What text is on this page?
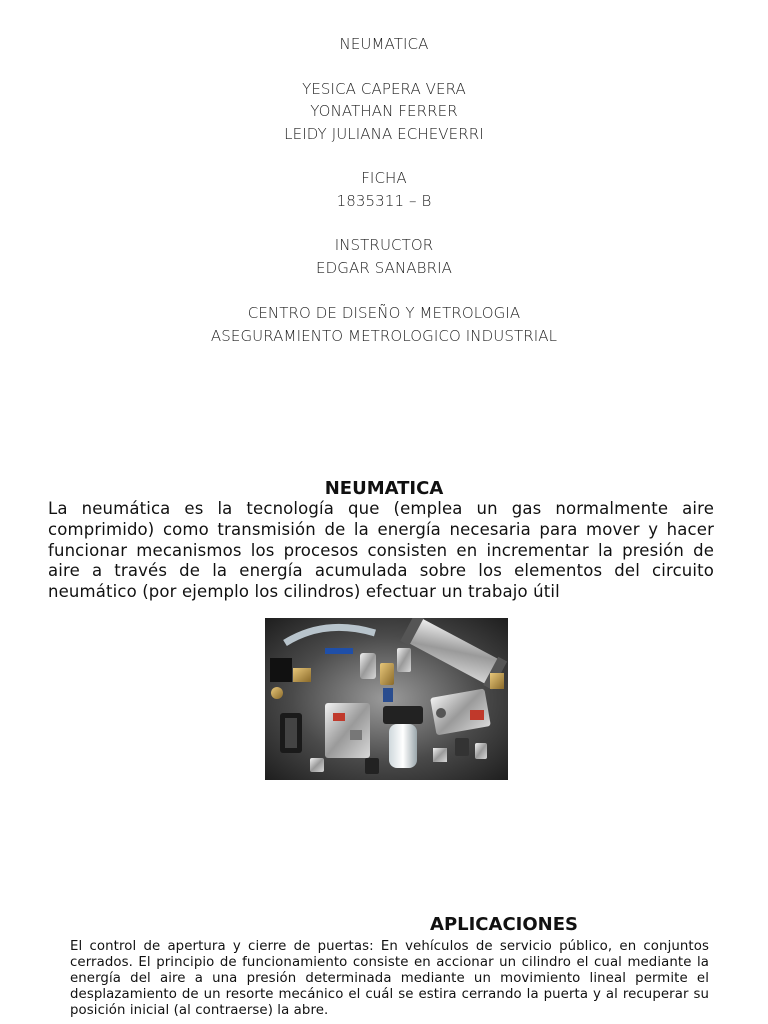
NEUMATICA

YESICA CAPERA VERA

YONATHAN FERRER

LEIDY JULIANA ECHEVERRI

FICHA

1835311 – B

INSTRUCTOR

EDGAR SANABRIA

CENTRO DE DISEÑO Y METROLOGIA

ASEGURAMIENTO METROLOGICO INDUSTRIAL

NEUMATICA

La neumática es la tecnología que (emplea un gas normalmente aire comprimido) como transmisión de la energía necesaria para mover y hacer funcionar mecanismos los procesos consisten en incrementar la presión de aire a través de la energía acumulada sobre los elementos del circuito neumático (por ejemplo los cilindros) efectuar un trabajo útil

APLICACIONES

El control de apertura y cierre de puertas: En vehículos de servicio público, en conjuntos cerrados. El principio de funcionamiento consiste en accionar un cilindro el cual mediante la energía del aire a una presión determinada mediante un movimiento lineal permite el desplazamiento de un resorte mecánico el cuál se estira cerrando la puerta y al recuperar su posición inicial (al contraerse) la abre.
